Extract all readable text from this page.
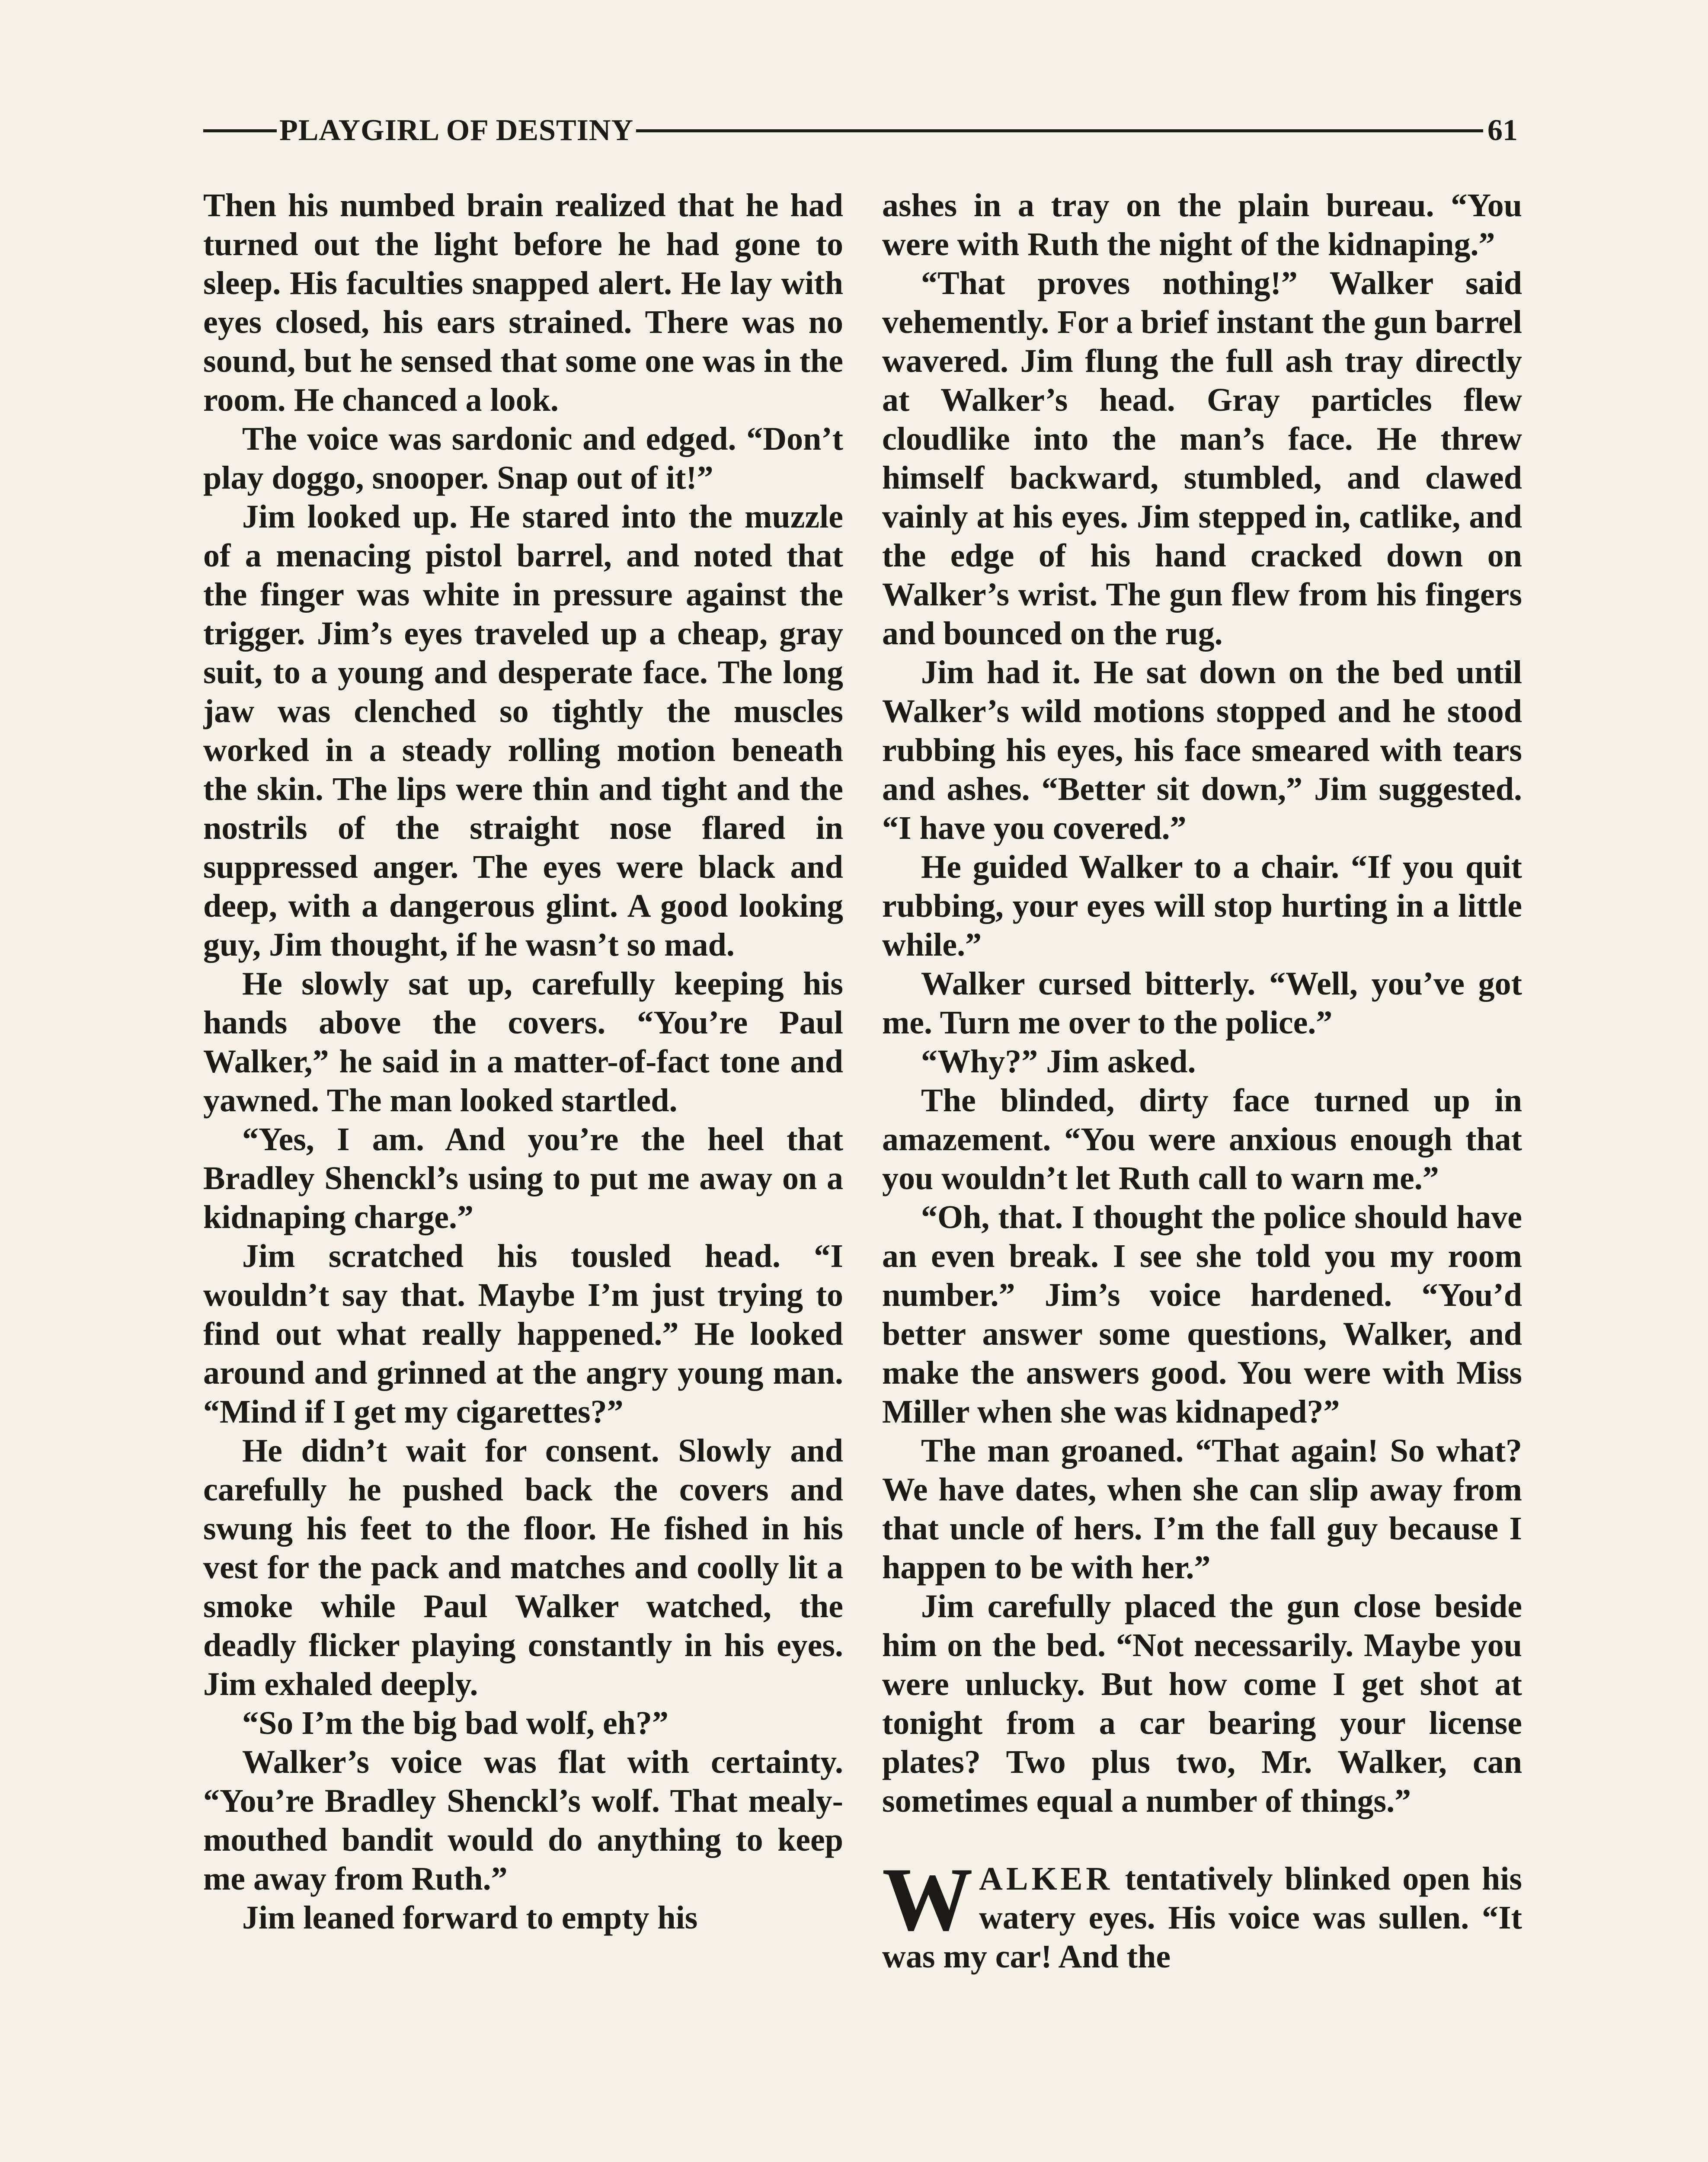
PLAYGIRL OF DESTINY	61

Then his numbed brain realized that he had turned out the light before he had gone to sleep. His faculties snapped alert. He lay with eyes closed, his ears strained. There was no sound, but he sensed that some one was in the room. He chanced a look.

The voice was sardonic and edged. “Don’t play doggo, snooper. Snap out of it!”

Jim looked up. He stared into the muzzle of a menacing pistol barrel, and noted that the finger was white in pressure against the trigger. Jim’s eyes traveled up a cheap, gray suit, to a young and desperate face. The long jaw was clenched so tightly the muscles worked in a steady rolling motion beneath the skin. The lips were thin and tight and the nostrils of the straight nose flared in suppressed anger. The eyes were black and deep, with a dangerous glint. A good looking guy, Jim thought, if he wasn’t so mad.

He slowly sat up, carefully keeping his hands above the covers. “You’re Paul Walker,” he said in a matter-of-fact tone and yawned. The man looked startled.

“Yes, I am. And you’re the heel that Bradley Shenckl’s using to put me away on a kidnaping charge.”

Jim scratched his tousled head. “I wouldn’t say that. Maybe I’m just trying to find out what really happened.” He looked around and grinned at the angry young man. “Mind if I get my cigarettes?”

He didn’t wait for consent. Slowly and carefully he pushed back the covers and swung his feet to the floor. He fished in his vest for the pack and matches and coolly lit a smoke while Paul Walker watched, the deadly flicker playing constantly in his eyes. Jim exhaled deeply.

“So I’m the big bad wolf, eh?”

Walker’s voice was flat with certainty. “You’re Bradley Shenckl’s wolf. That mealy-mouthed bandit would do anything to keep me away from Ruth.”

Jim leaned forward to empty his

ashes in a tray on the plain bureau. “You were with Ruth the night of the kidnaping.”

“That proves nothing!” Walker said vehemently. For a brief instant the gun barrel wavered. Jim flung the full ash tray directly at Walker’s head. Gray particles flew cloudlike into the man’s face. He threw himself backward, stumbled, and clawed vainly at his eyes. Jim stepped in, catlike, and the edge of his hand cracked down on Walker’s wrist. The gun flew from his fingers and bounced on the rug.

Jim had it. He sat down on the bed until Walker’s wild motions stopped and he stood rubbing his eyes, his face smeared with tears and ashes. “Better sit down,” Jim suggested. “I have you covered.”

He guided Walker to a chair. “If you quit rubbing, your eyes will stop hurting in a little while.”

Walker cursed bitterly. “Well, you’ve got me. Turn me over to the police.”

“Why?” Jim asked.

The blinded, dirty face turned up in amazement. “You were anxious enough that you wouldn’t let Ruth call to warn me.”

“Oh, that. I thought the police should have an even break. I see she told you my room number.” Jim’s voice hardened. “You’d better answer some questions, Walker, and make the answers good. You were with Miss Miller when she was kidnaped?”

The man groaned. “That again! So what? We have dates, when she can slip away from that uncle of hers. I’m the fall guy because I happen to be with her.”

Jim carefully placed the gun close beside him on the bed. “Not necessarily. Maybe you were unlucky. But how come I get shot at tonight from a car bearing your license plates? Two plus two, Mr. Walker, can sometimes equal a number of things.”

WALKER tentatively blinked open his watery eyes. His voice was sullen. “It was my car! And the
